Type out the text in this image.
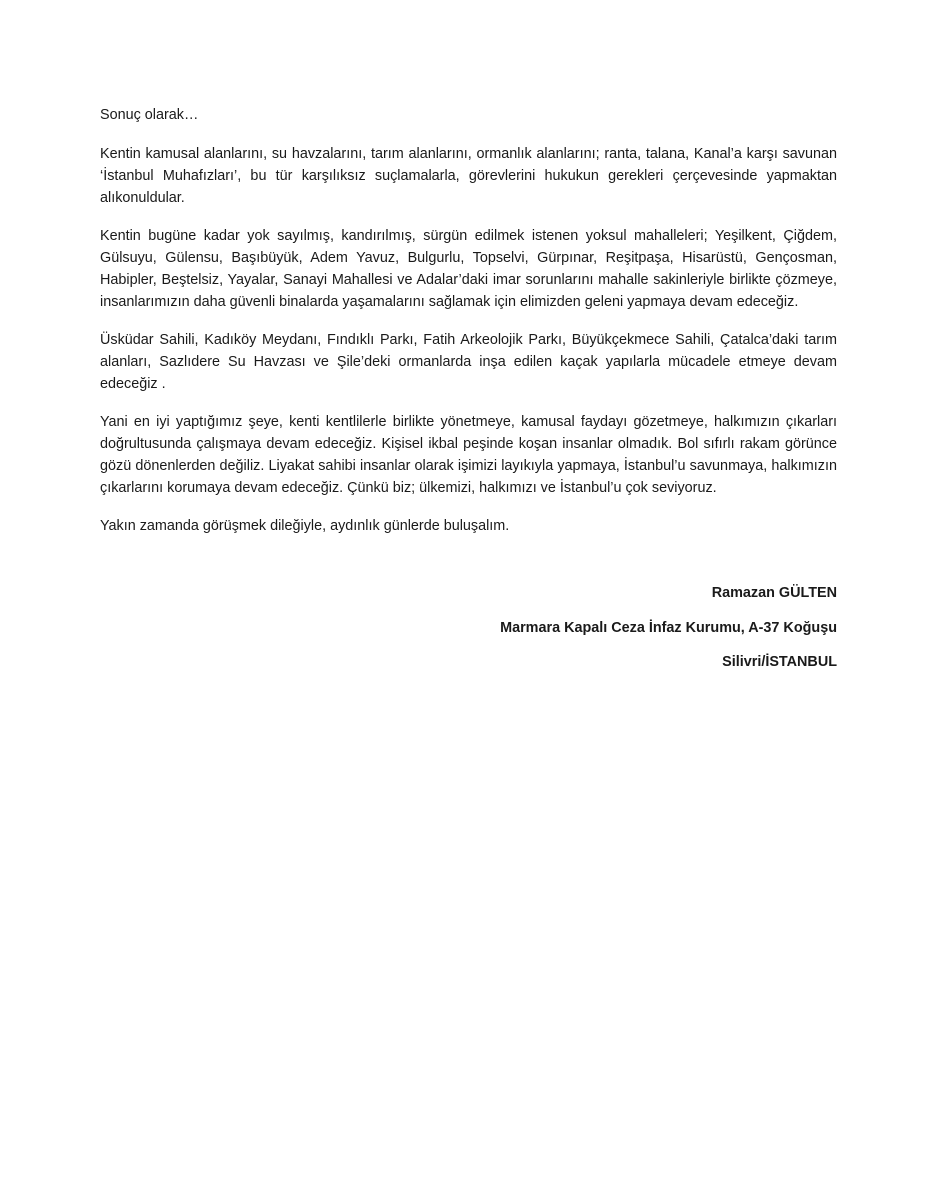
Sonuç olarak…

Kentin kamusal alanlarını, su havzalarını, tarım alanlarını, ormanlık alanlarını; ranta, talana, Kanal’a karşı savunan ‘İstanbul Muhafızları’, bu tür karşılıksız suçlamalarla, görevlerini hukukun gerekleri çerçevesinde yapmaktan alıkonuldular.

Kentin bugüne kadar yok sayılmış, kandırılmış, sürgün edilmek istenen yoksul mahalleleri; Yeşilkent, Çiğdem, Gülsuyu, Gülensu, Başıbüyük, Adem Yavuz, Bulgurlu, Topselvi, Gürpınar, Reşitpaşa, Hisarüstü, Gençosman, Habipler, Beştelsiz, Yayalar, Sanayi Mahallesi ve Adalar’daki imar sorunlarını mahalle sakinleriyle birlikte çözmeye, insanlarımızın daha güvenli binalarda yaşamalarını sağlamak için elimizden geleni yapmaya devam edeceğiz.

Üsküdar Sahili, Kadıköy Meydanı, Fındıklı Parkı, Fatih Arkeolojik Parkı, Büyükçekmece Sahili, Çatalca’daki tarım alanları, Sazlıdere Su Havzası ve Şile’deki ormanlarda inşa edilen kaçak yapılarla mücadele etmeye devam edeceğiz .

Yani en iyi yaptığımız şeye, kenti kentlilerle birlikte yönetmeye, kamusal faydayı gözetmeye, halkımızın çıkarları doğrultusunda çalışmaya devam edeceğiz. Kişisel ikbal peşinde koşan insanlar olmadık. Bol sıfırlı rakam görünce gözü dönenlerden değiliz. Liyakat sahibi insanlar olarak işimizi layıkıyla yapmaya, İstanbul’u savunmaya, halkımızın çıkarlarını korumaya devam edeceğiz. Çünkü biz; ülkemizi, halkımızı ve İstanbul’u çok seviyoruz.

Yakın zamanda görüşmek dileğiyle, aydınlık günlerde buluşalım.

Ramazan GÜLTEN

Marmara Kapalı Ceza İnfaz Kurumu, A-37 Koğuşu

Silivri/İSTANBUL
